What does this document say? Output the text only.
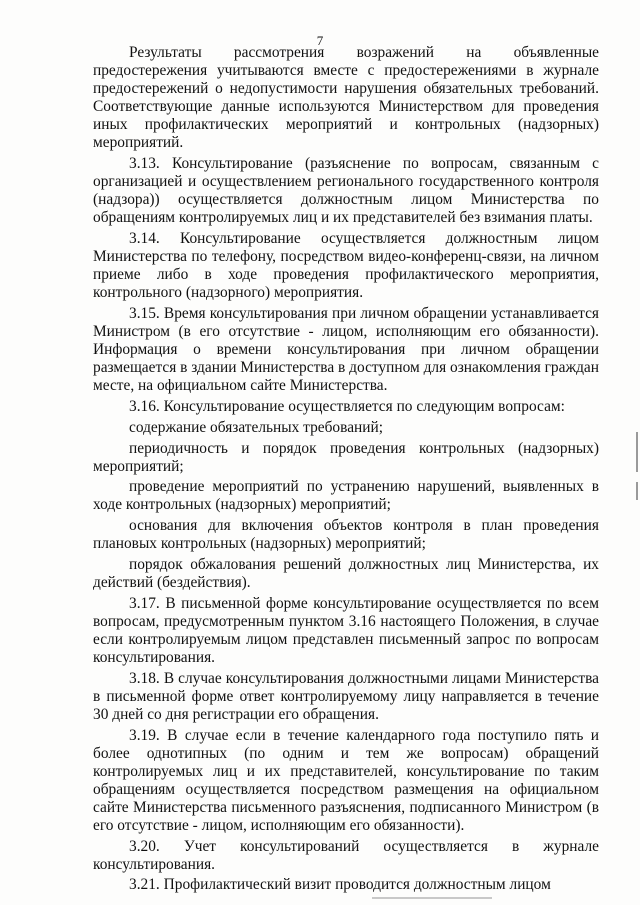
7

Результаты рассмотрения возражений на объявленные предостережения учитываются вместе с предостережениями в журнале предостережений о недопустимости нарушения обязательных требований. Соответствующие данные используются Министерством для проведения иных профилактических мероприятий и контрольных (надзорных) мероприятий.

3.13. Консультирование (разъяснение по вопросам, связанным с организацией и осуществлением регионального государственного контроля (надзора)) осуществляется должностным лицом Министерства по обращениям контролируемых лиц и их представителей без взимания платы.

3.14. Консультирование осуществляется должностным лицом Министерства по телефону, посредством видео-конференц-связи, на личном приеме либо в ходе проведения профилактического мероприятия, контрольного (надзорного) мероприятия.

3.15. Время консультирования при личном обращении устанавливается Министром (в его отсутствие - лицом, исполняющим его обязанности). Информация о времени консультирования при личном обращении размещается в здании Министерства в доступном для ознакомления граждан месте, на официальном сайте Министерства.

3.16. Консультирование осуществляется по следующим вопросам:

содержание обязательных требований;

периодичность и порядок проведения контрольных (надзорных) мероприятий;

проведение мероприятий по устранению нарушений, выявленных в ходе контрольных (надзорных) мероприятий;

основания для включения объектов контроля в план проведения плановых контрольных (надзорных) мероприятий;

порядок обжалования решений должностных лиц Министерства, их действий (бездействия).

3.17. В письменной форме консультирование осуществляется по всем вопросам, предусмотренным пунктом 3.16 настоящего Положения, в случае если контролируемым лицом представлен письменный запрос по вопросам консультирования.

3.18. В случае консультирования должностными лицами Министерства в письменной форме ответ контролируемому лицу направляется в течение 30 дней со дня регистрации его обращения.

3.19. В случае если в течение календарного года поступило пять и более однотипных (по одним и тем же вопросам) обращений контролируемых лиц и их представителей, консультирование по таким обращениям осуществляется посредством размещения на официальном сайте Министерства письменного разъяснения, подписанного Министром (в его отсутствие - лицом, исполняющим его обязанности).

3.20. Учет консультирований осуществляется в журнале консультирования.

3.21. Профилактический визит проводится должностным лицом
